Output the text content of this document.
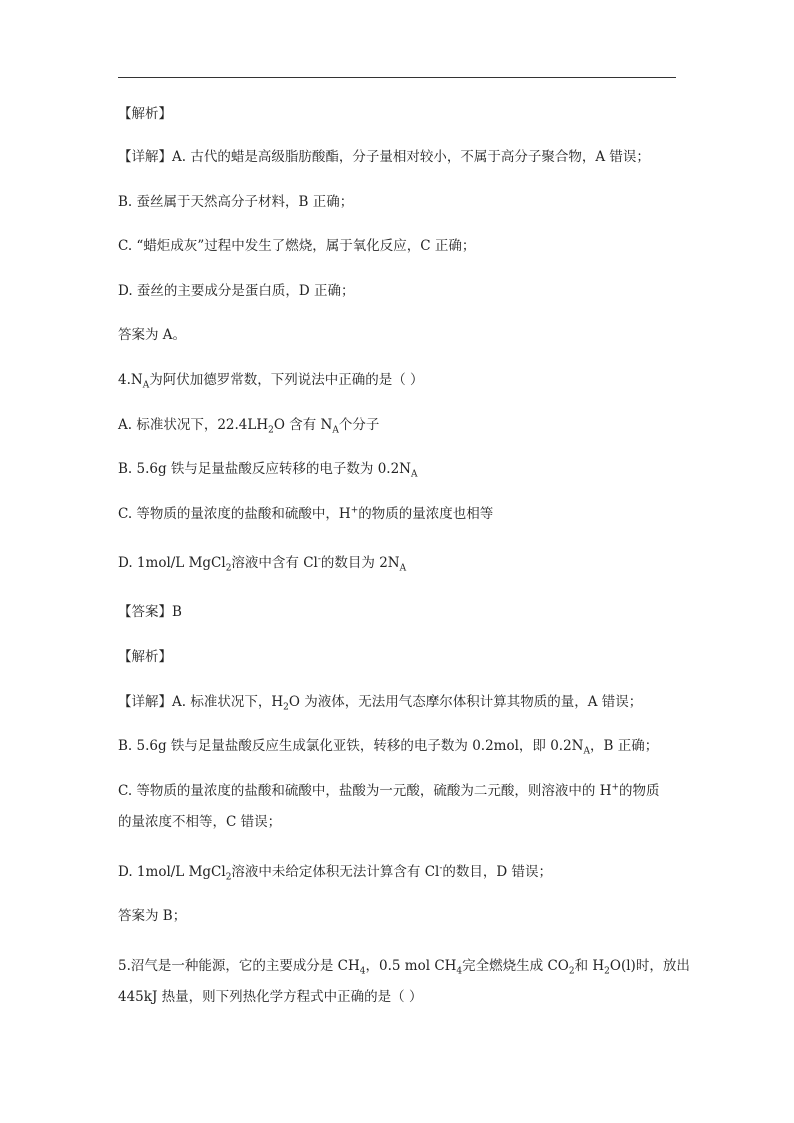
【解析】
【详解】A. 古代的蜡是高级脂肪酸酯，分子量相对较小，不属于高分子聚合物，A 错误；
B. 蚕丝属于天然高分子材料，B 正确；
C. “蜡炬成灰”过程中发生了燃烧，属于氧化反应，C 正确；
D. 蚕丝的主要成分是蛋白质，D 正确；
答案为 A。
$4.N_A$为阿伏加德罗常数，下列说法中正确的是（ ）
A. 标准状况下，$22.4LH_2O$ 含有 $N_A$个分子
B. 5.6g 铁与足量盐酸反应转移的电子数为 $0.2N_A$
C. 等物质的量浓度的盐酸和硫酸中，H+的物质的量浓度也相等
D. 1mol/L MgCl$_2$溶液中含有 Cl-的数目为 $2N_A$
【答案】B
【解析】
【详解】A. 标准状况下，$H_2O$ 为液体，无法用气态摩尔体积计算其物质的量，A 错误；
B. 5.6g 铁与足量盐酸反应生成氯化亚铁，转移的电子数为 0.2mol，即 $0.2N_A$，B 正确；
C. 等物质的量浓度的盐酸和硫酸中，盐酸为一元酸，硫酸为二元酸，则溶液中的 H+的物质
的量浓度不相等，C 错误；
D. 1mol/L MgCl$_2$溶液中未给定体积无法计算含有 Cl-的数目，D 错误；
答案为 B；
5.沼气是一种能源，它的主要成分是 $CH_4$，0.5 mol $CH_4$完全燃烧生成 $CO_2$和 $H_2O(l)$时，放出
445kJ 热量，则下列热化学方程式中正确的是（ ）
